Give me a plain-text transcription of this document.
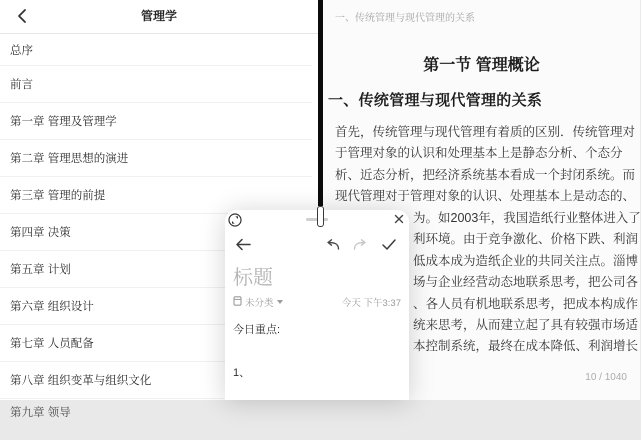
管理学
总序
前言
第一章 管理及管理学
第二章 管理思想的演进
第三章 管理的前提
第四章 决策
第五章 计划
第六章 组织设计
第七章 人员配备
第八章 组织变革与组织文化
第九章 领导
一、传统管理与现代管理的关系
第一节 管理概论
一、传统管理与现代管理的关系
首先，传统管理与现代管理有着质的区别．传统管理对
于管理对象的认识和处理基本上是静态分析、个态分
析、近态分析，把经济系统基本看成一个封闭系统。而
现代管理对于管理对象的认识、处理基本上是动态的、
为。如2003年，我国造纸行业整体进入了
利环境。由于竞争激化、价格下跌、利润
低成本成为造纸企业的共同关注点。淄博
场与企业经营动态地联系思考，把公司各
、各人员有机地联系思考，把成本构成作
统来思考，从而建立起了具有较强市场适
本控制系统，最终在成本降低、利润增长
10 / 1040
标题
未分类	今天 下午3:37
今日重点:
1、
